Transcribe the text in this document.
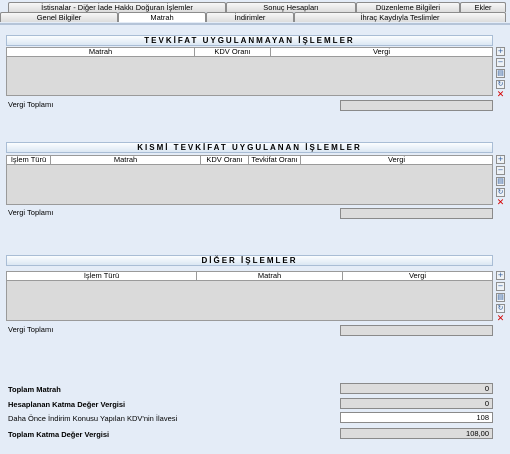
İstisnalar - Diğer İade Hakkı Doğuran İşlemler	Sonuç Hesapları	Düzenleme Bilgileri	Ekler
Genel Bilgiler	Matrah	İndirimler	İhraç Kaydıyla Teslimler
TEVKİFAT UYGULANMAYAN İŞLEMLER
Matrah	KDV Oranı	Vergi	+
−
▤
↻
✕
Vergi Toplamı
KISMİ TEVKİFAT UYGULANAN İŞLEMLER
İşlem Türü	Matrah	KDV Oranı	Tevkifat Oranı	Vergi	+
−
▤
↻
✕
Vergi Toplamı
DİĞER İŞLEMLER
İşlem Türü	Matrah	Vergi	+
−
▤
↻
✕
Vergi Toplamı
Toplam Matrah	0
Hesaplanan Katma Değer Vergisi	0
Daha Önce İndirim Konusu Yapılan KDV'nin İlavesi	108
Toplam Katma Değer Vergisi	108,00
